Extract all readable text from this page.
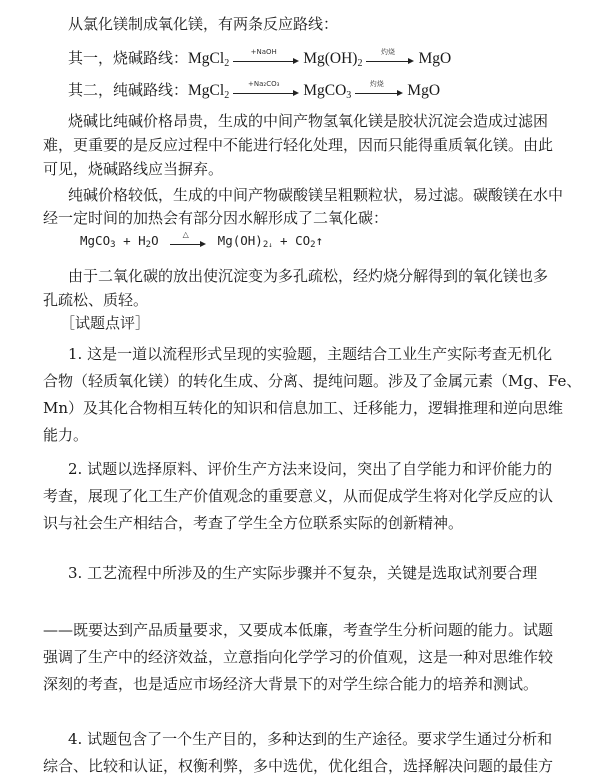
从氯化镁制成氧化镁，有两条反应路线：
其一，烧碱路线：MgCl$_2$
+NaOH	$Mg(OH)_2$
灼烧	MgO
其二，纯碱路线：MgCl$_2$
+Na₂CO₃	MgCO$_3$
灼烧	MgO
烧碱比纯碱价格昂贵，生成的中间产物氢氧化镁是胶状沉淀会造成过滤困
难，更重要的是反应过程中不能进行轻化处理，因而只能得重质氧化镁。由此
可见，烧碱路线应当摒弃。
纯碱价格较低，生成的中间产物碳酸镁呈粗颗粒状，易过滤。碳酸镁在水中
经一定时间的加热会有部分因水解形成了二氧化碳：
MgCO$_3$ + $H_2O$	△	$Mg(OH)_2↓$ + $CO_2↑$
由于二氧化碳的放出使沉淀变为多孔疏松，经灼烧分解得到的氧化镁也多
孔疏松、质轻。
［试题点评］
1. 这是一道以流程形式呈现的实验题，主题结合工业生产实际考查无机化
合物（轻质氧化镁）的转化生成、分离、提纯问题。涉及了金属元素（Mg、Fe、
Mn）及其化合物相互转化的知识和信息加工、迁移能力，逻辑推理和逆向思维
能力。
2. 试题以选择原料、评价生产方法来设问，突出了自学能力和评价能力的
考查，展现了化工生产价值观念的重要意义，从而促成学生将对化学反应的认
识与社会生产相结合，考查了学生全方位联系实际的创新精神。
3. 工艺流程中所涉及的生产实际步骤并不复杂，关键是选取试剂要合理
——既要达到产品质量要求，又要成本低廉，考查学生分析问题的能力。试题
强调了生产中的经济效益，立意指向化学学习的价值观，这是一种对思维作较
深刻的考查，也是适应市场经济大背景下的对学生综合能力的培养和测试。
4. 试题包含了一个生产目的，多种达到的生产途径。要求学生通过分析和
综合、比较和认证，权衡利弊，多中选优，优化组合，选择解决问题的最佳方
